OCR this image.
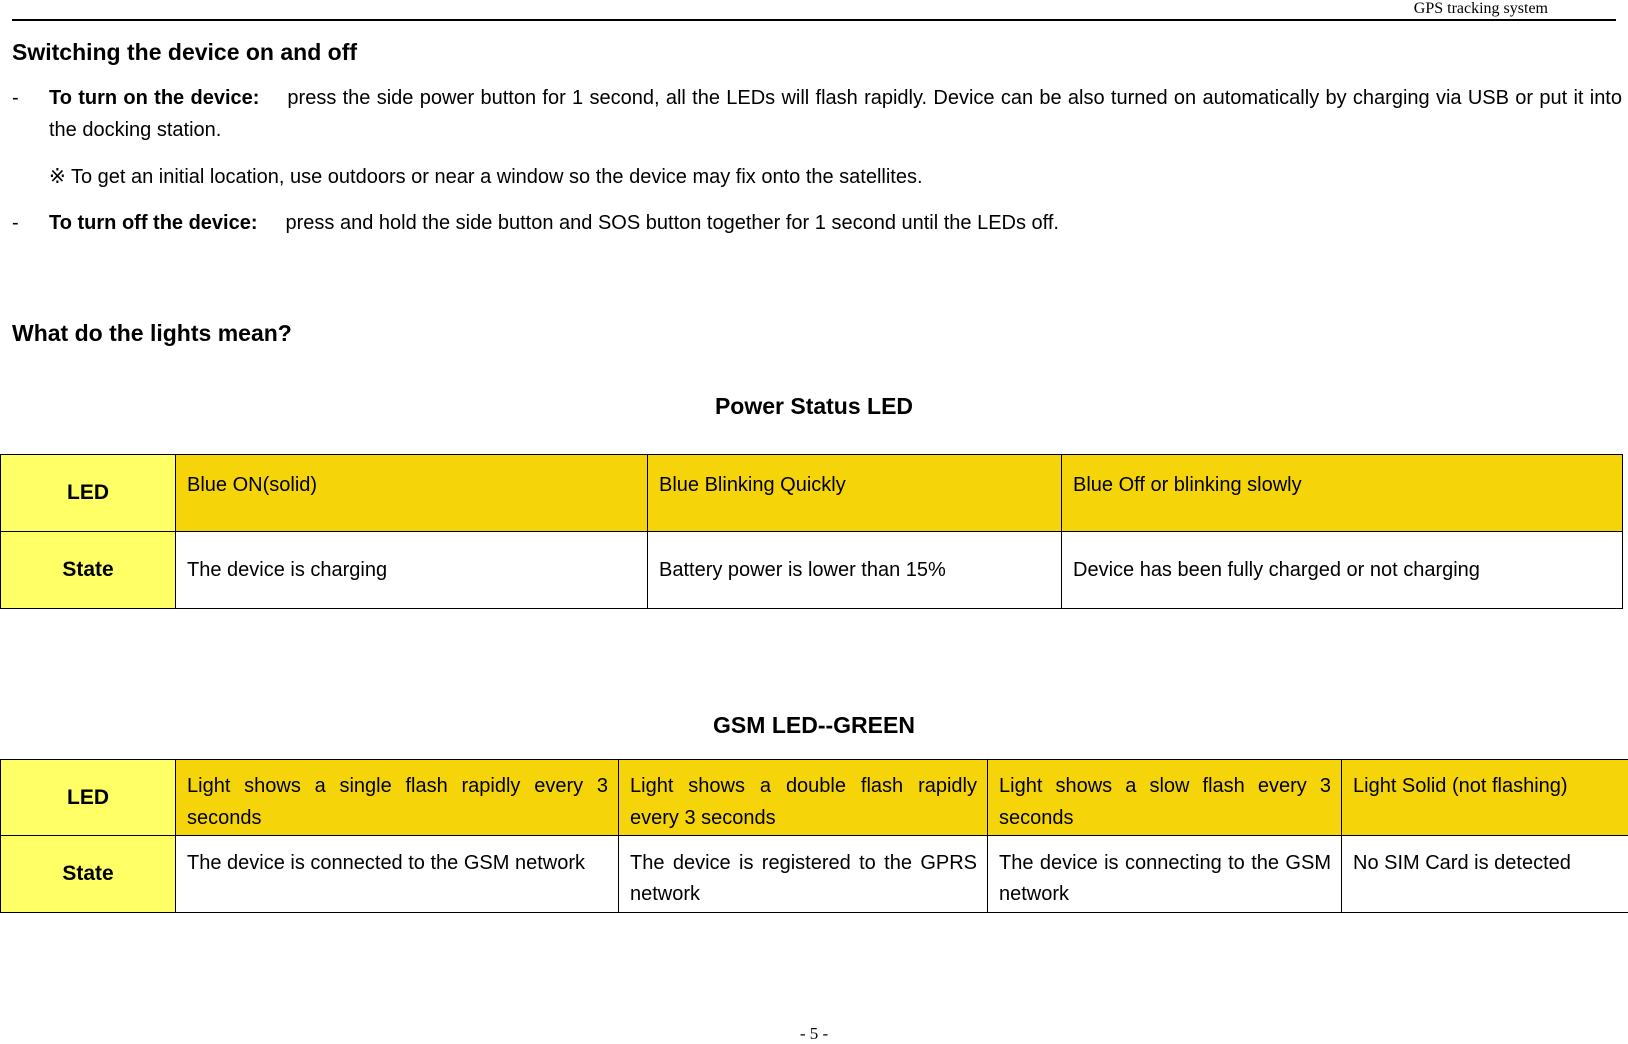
GPS tracking system
Switching the device on and off
- To turn on the device: press the side power button for 1 second, all the LEDs will flash rapidly. Device can be also turned on automatically by charging via USB or put it into the docking station.
※ To get an initial location, use outdoors or near a window so the device may fix onto the satellites.
- To turn off the device: press and hold the side button and SOS button together for 1 second until the LEDs off.
What do the lights mean?
Power Status LED
LED	Blue ON(solid)	Blue Blinking Quickly	Blue Off or blinking slowly
State	The device is charging	Battery power is lower than 15%	Device has been fully charged or not charging
GSM LED--GREEN
LED	Light shows a single flash rapidly every 3 seconds	Light shows a double flash rapidly every 3 seconds	Light shows a slow flash every 3 seconds	Light Solid (not flashing)
State	The device is connected to the GSM network	The device is registered to the GPRS network	The device is connecting to the GSM network	No SIM Card is detected
- 5 -
